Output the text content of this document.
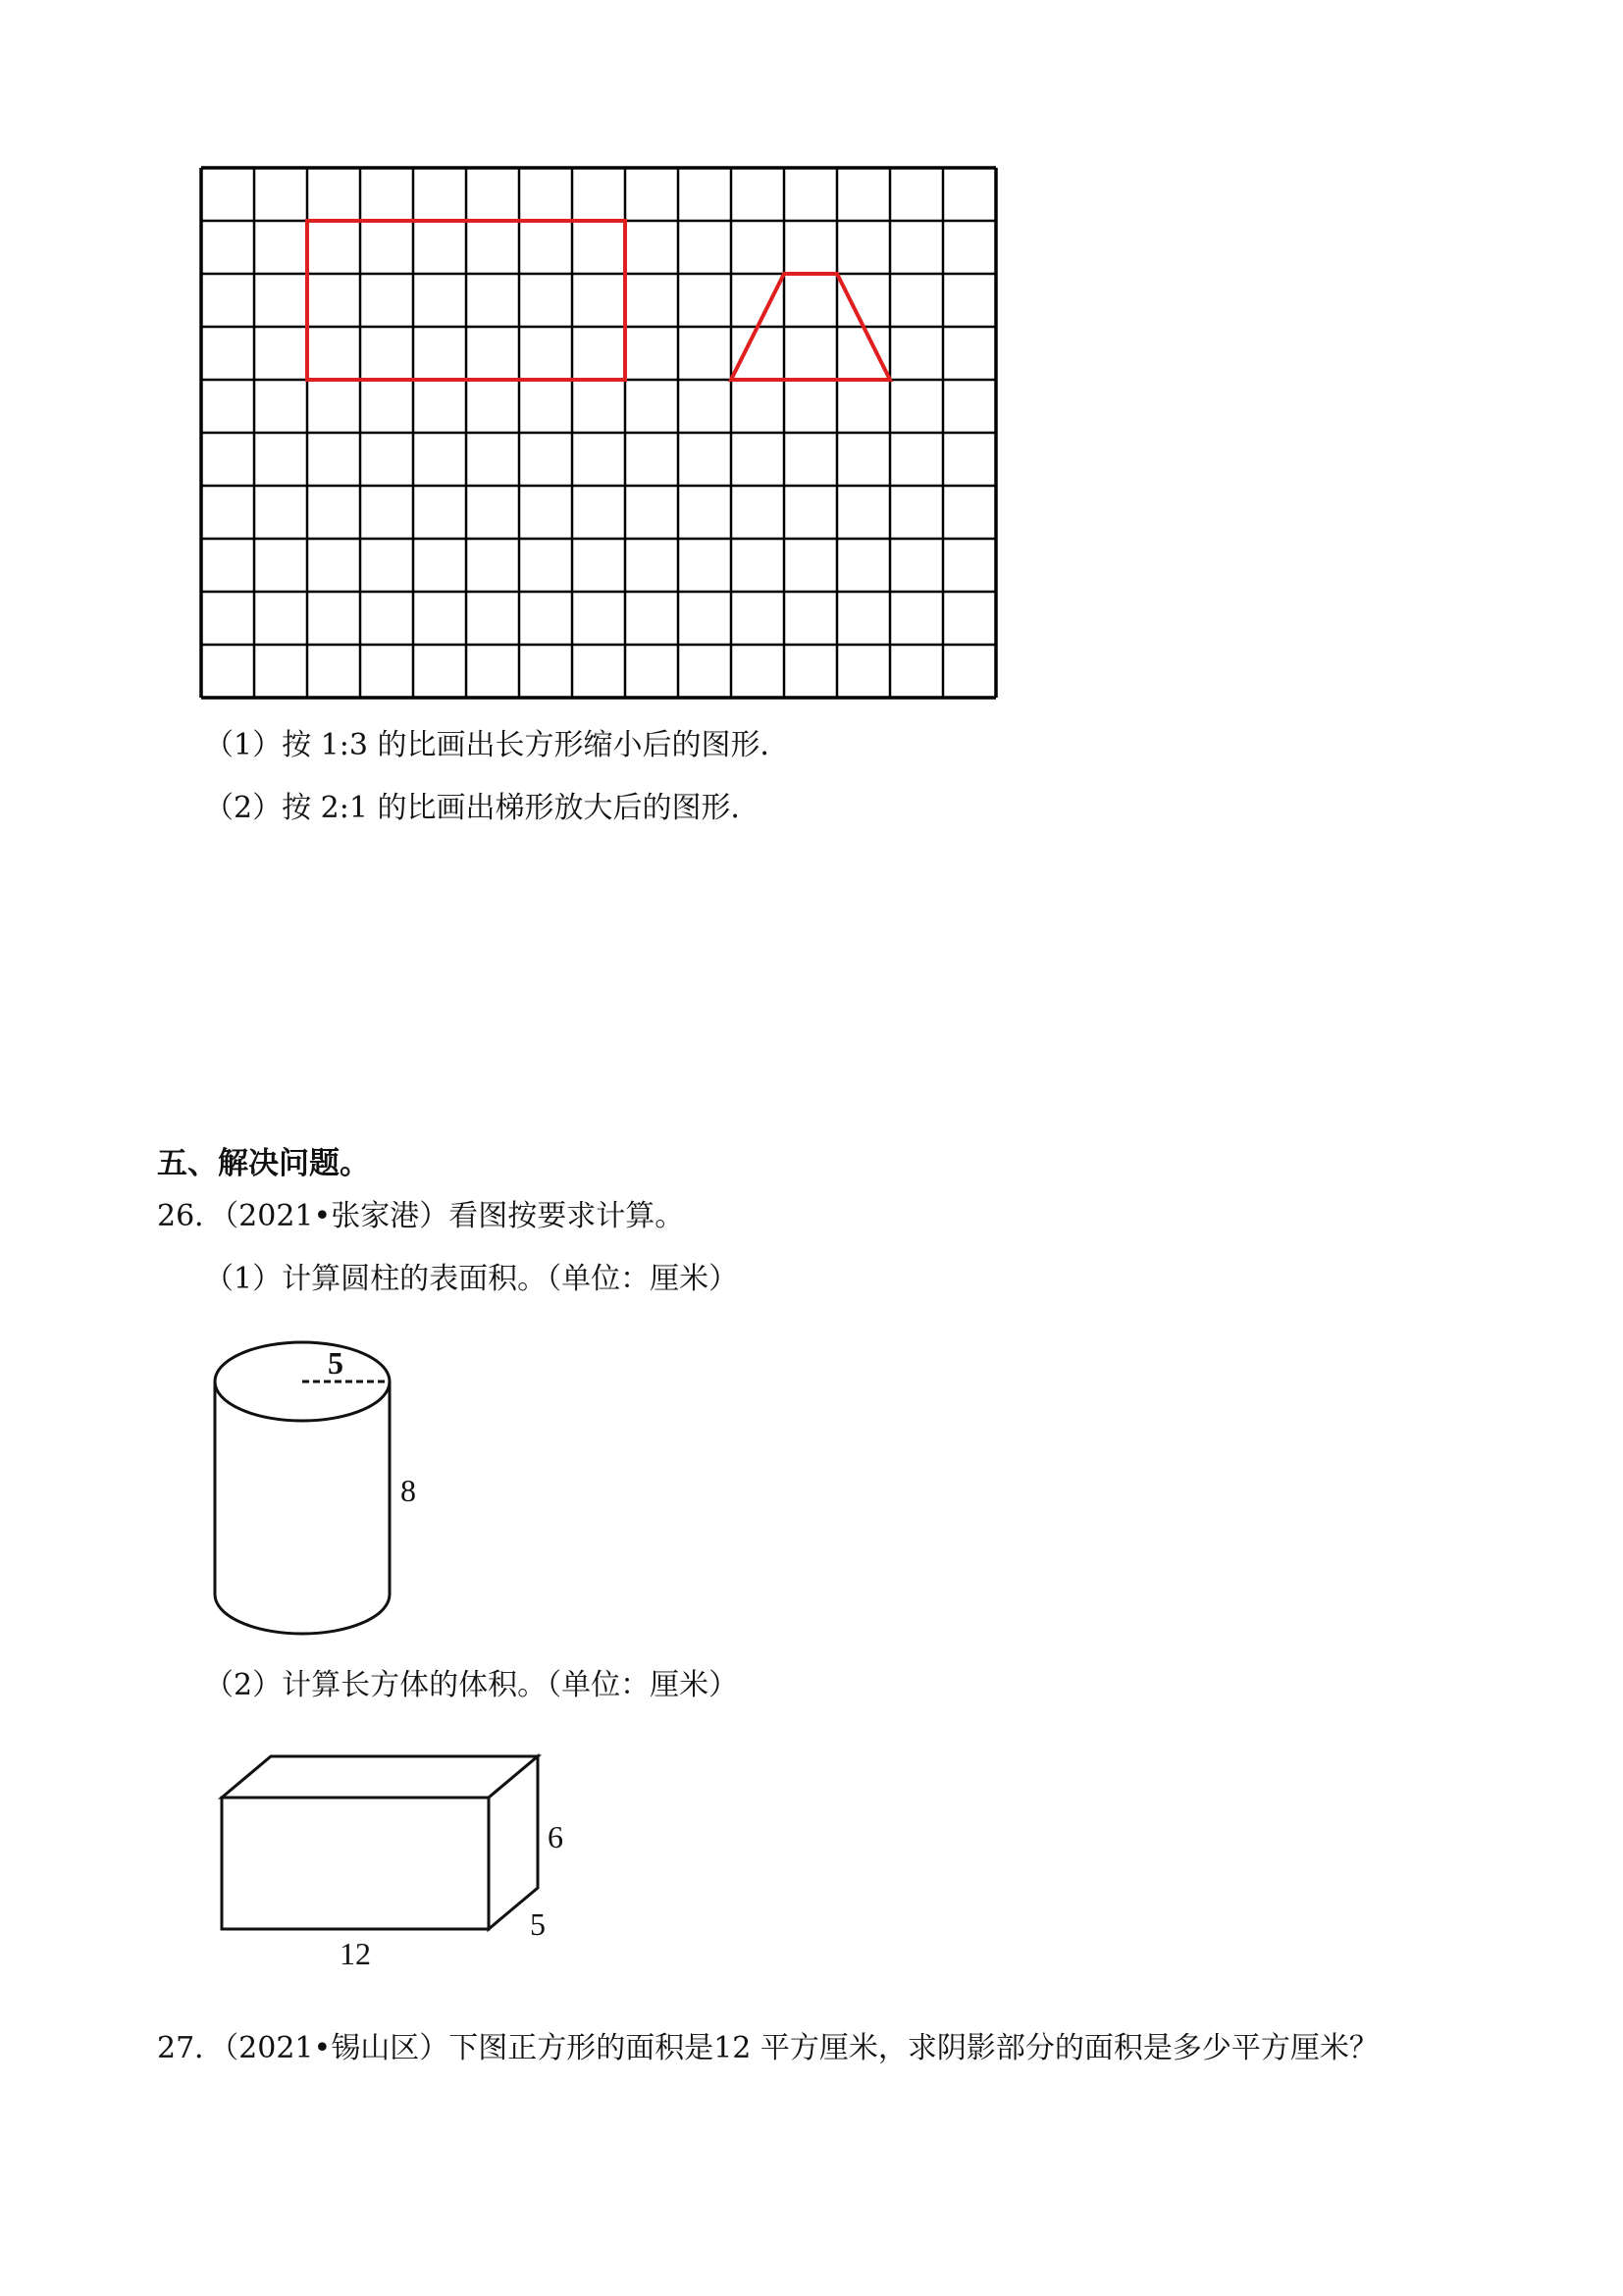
（1）按 1:3 的比画出长方形缩小后的图形．
（2）按 2:1 的比画出梯形放大后的图形．
五、解决问题。
26．（2021•张家港）看图按要求计算。
（1）计算圆柱的表面积。（单位：厘米）
5
8
（2）计算长方体的体积。（单位：厘米）
6
5
12
27．（2021•锡山区）下图正方形的面积是12 平方厘米，求阴影部分的面积是多少平方厘米？
